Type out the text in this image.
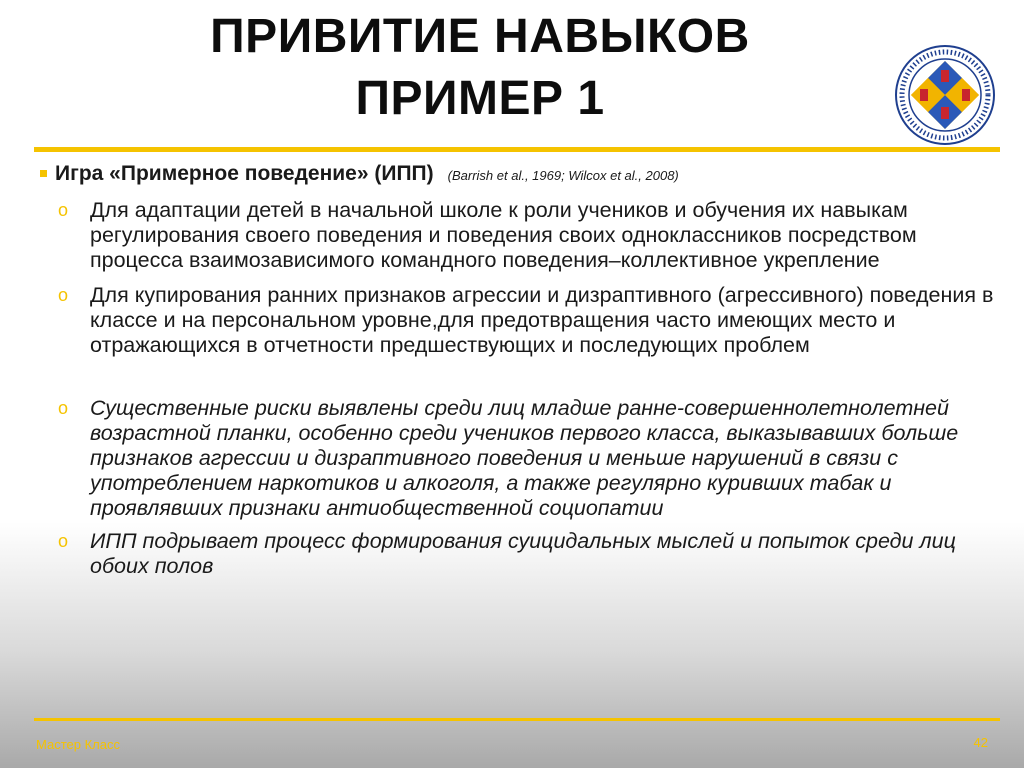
ПРИВИТИЕ НАВЫКОВ
ПРИМЕР 1
Игра «Примерное поведение» (ИПП) (Barrish et al., 1969; Wilcox et al., 2008)
o	Для адаптации детей в начальной школе к роли учеников и обучения их навыкам регулирования своего поведения и поведения своих одноклассников посредством процесса взаимозависимого командного поведения–коллективное укрепление
o	Для купирования ранних признаков агрессии и дизраптивного (агрессивного) поведения в классе и на персональном уровне,для предотвращения часто имеющих место и отражающихся в отчетности предшествующих и последующих проблем
o	Существенные риски выявлены среди лиц младше ранне-совершеннолетнолетней возрастной планки, особенно среди учеников первого класса, выказывавших больше признаков агрессии и дизраптивного поведения и меньше нарушений в связи с употреблением наркотиков и алкоголя, а также регулярно куривших табак и проявлявших признаки антиобщественной социопатии
o	ИПП подрывает процесс формирования суицидальных мыслей и попыток среди лиц обоих полов
Мастер Класс	42
